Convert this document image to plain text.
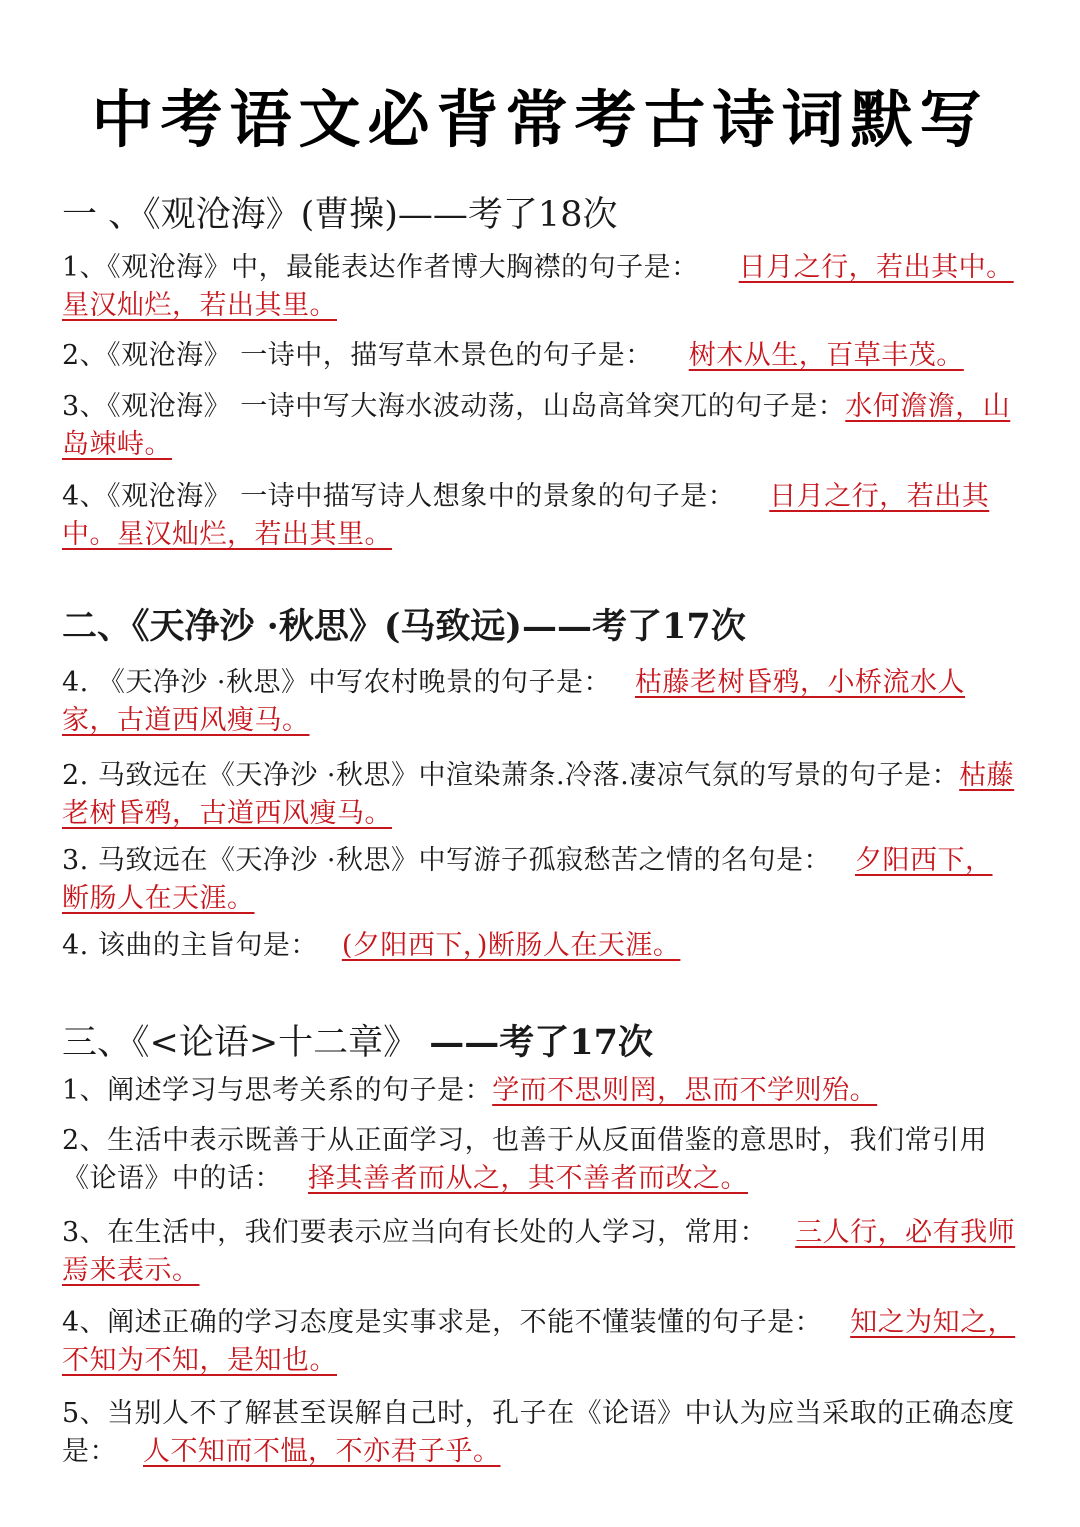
中考语文必背常考古诗词默写
一 、《观沧海》(曹操)——考了18次
1、《观沧海》中，最能表达作者博大胸襟的句子是： 日月之行，若出其中。星汉灿烂，若出其里。
2、《观沧海》 一诗中，描写草木景色的句子是： 树木从生，百草丰茂。
3、《观沧海》 一诗中写大海水波动荡，山岛高耸突兀的句子是：水何澹澹，山岛竦峙。
4、《观沧海》 一诗中描写诗人想象中的景象的句子是： 日月之行，若出其中。星汉灿烂，若出其里。
二、《天净沙 ·秋思》(马致远)——考了17次
4. 《天净沙 ·秋思》中写农村晚景的句子是： 枯藤老树昏鸦，小桥流水人家，古道西风瘦马。
2. 马致远在《天净沙 ·秋思》中渲染萧条.冷落.凄凉气氛的写景的句子是：枯藤老树昏鸦，古道西风瘦马。
3. 马致远在《天净沙 ·秋思》中写游子孤寂愁苦之情的名句是： 夕阳西下，断肠人在天涯。
4. 该曲的主旨句是： (夕阳西下，)断肠人在天涯。
三、《<论语>十二章》 ——考了17次
1、阐述学习与思考关系的句子是：学而不思则罔，思而不学则殆。
2、生活中表示既善于从正面学习，也善于从反面借鉴的意思时，我们常引用《论语》中的话： 择其善者而从之，其不善者而改之。
3、在生活中，我们要表示应当向有长处的人学习，常用： 三人行，必有我师焉来表示。
4、阐述正确的学习态度是实事求是，不能不懂装懂的句子是： 知之为知之，不知为不知，是知也。
5、当别人不了解甚至误解自己时，孔子在《论语》中认为应当采取的正确态度是： 人不知而不愠，不亦君子乎。
